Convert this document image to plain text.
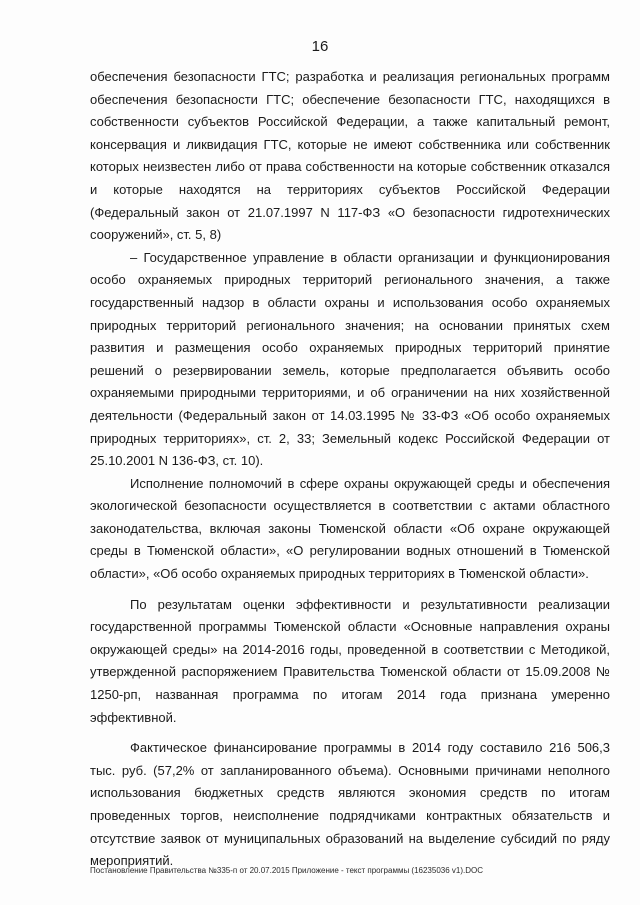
16

обеспечения безопасности ГТС; разработка и реализация региональных программ обеспечения безопасности ГТС; обеспечение безопасности ГТС, находящихся в собственности субъектов Российской Федерации, а также капитальный ремонт, консервация и ликвидация ГТС, которые не имеют собственника или собственник которых неизвестен либо от права собственности на которые собственник отказался и которые находятся на территориях субъектов Российской Федерации (Федеральный закон от 21.07.1997 N 117-ФЗ «О безопасности гидротехнических сооружений», ст. 5, 8)

– Государственное управление в области организации и функционирования особо охраняемых природных территорий регионального значения, а также государственный надзор в области охраны и использования особо охраняемых природных территорий регионального значения; на основании принятых схем развития и размещения особо охраняемых природных территорий принятие решений о резервировании земель, которые предполагается объявить особо охраняемыми природными территориями, и об ограничении на них хозяйственной деятельности (Федеральный закон от 14.03.1995 № 33-ФЗ «Об особо охраняемых природных территориях», ст. 2, 33; Земельный кодекс Российской Федерации от 25.10.2001 N 136-ФЗ, ст. 10).

Исполнение полномочий в сфере охраны окружающей среды и обеспечения экологической безопасности осуществляется в соответствии с актами областного законодательства, включая законы Тюменской области «Об охране окружающей среды в Тюменской области», «О регулировании водных отношений в Тюменской области», «Об особо охраняемых природных территориях в Тюменской области».

По результатам оценки эффективности и результативности реализации государственной программы Тюменской области «Основные направления охраны окружающей среды» на 2014-2016 годы, проведенной в соответствии с Методикой, утвержденной распоряжением Правительства Тюменской области от 15.09.2008 № 1250-рп, названная программа по итогам 2014 года признана умеренно эффективной.

Фактическое финансирование программы в 2014 году составило 216 506,3 тыс. руб. (57,2% от запланированного объема). Основными причинами неполного использования бюджетных средств являются экономия средств по итогам проведенных торгов, неисполнение подрядчиками контрактных обязательств и отсутствие заявок от муниципальных образований на выделение субсидий по ряду мероприятий.

Постановление Правительства №335-п от 20.07.2015 Приложение - текст программы (16235036 v1).DOC
